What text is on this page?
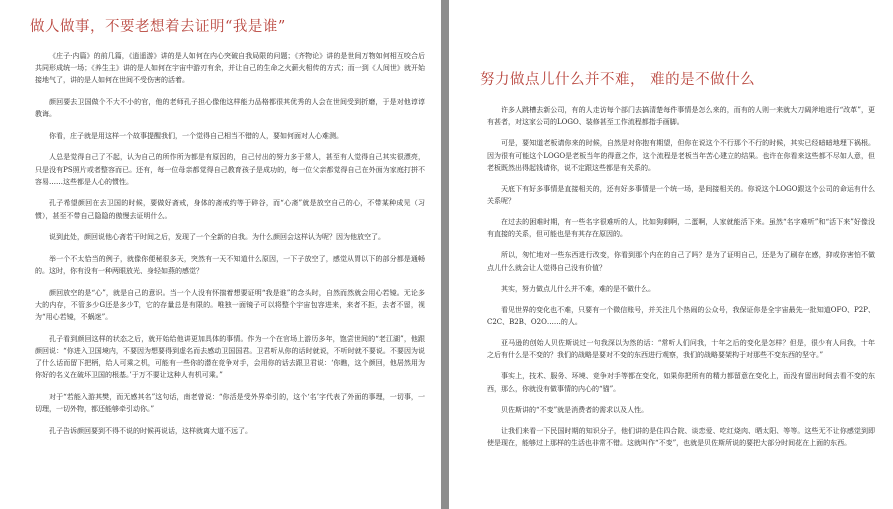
做人做事，不要老想着去证明“我是谁”

《庄子·内篇》的前几篇，《逍遥游》讲的是人如何在内心突破自我局限的问题；《齐物论》讲的是世间万物如何相互咬合后共同形成统一场；《养生主》讲的是人如何在宇宙中游刃有余，并让自己的生命之火薪火相传的方式；而一到《人间世》就开始接地气了，讲的是人如何在世间不受伤害的活着。

颜回要去卫国做个不大不小的官，他的老师孔子担心像他这样能力品格都很其优秀的人会在世间受到折磨，于是对他谆谆教诲。

你看，庄子就是用这样一个故事提醒我们，一个觉得自己相当不错的人，要如何面对人心难测。

人总是觉得自己了不起，认为自己的所作所为都是有原因的，自己付出的努力多于常人，甚至有人觉得自己其实很漂亮，只是没有PS照片或者整容而已。还有，每一位母亲都觉得自己教育孩子是成功的，每一位父亲都觉得自己在外面为家庭打拼不容易……这些都是人心的惯性。

孔子希望颜回在去卫国的时候，要做好斋戒，身体的斋戒约等于碎谷，而“心斋”就是放空自己的心，不带某种成见（习惯），甚至不带自己隐隐的傲慢去证明什么。

说到此处，颜回说他心斋若干时间之后，发现了一个全新的自我。为什么颜回会这样认为呢？因为他放空了。

举一个不太恰当的例子，就像你便秘很多天，突然有一天不知道什么原因，一下子放空了，感觉从胃以下的部分都是通畅的。这时，你有没有一种两眼放光、身轻如燕的感觉？

颜回放空的是“心”，就是自己的意识。当一个人没有怀揣着想要证明“我是谁”的念头时，自然而然就会用心若镜。无论多大的内存，不管多少G还是多少T，它的存量总是有限的。唯独一面镜子可以将整个宇宙包容进来，来者不拒，去者不留，视为“用心若镜，不蜗迷”。

孔子看到颜回这样的状态之后，就开始给他讲更加具体的事情。作为一个在官场上游历多年，饱尝世间的“老江湖”，他跟颜回说：“你进入卫国境内，不要因为想要得到虚名而去感动卫国国君。卫君听从你的话时就说，不听时就不要说。不要因为说了什么话而留下把柄，给人可乘之机，可能有一些你的潜在竞争对手，会用你的话去跟卫君说：‘你瞧，这个颜回，他居然用为你好的名义在破坏卫国的根基。’于万不要让这种人有机可乘。”

对于“若能入游其樊，而无感其名”这句话，南老曾说：“你活是受外界牵引的，这个‘名’字代表了外面的事理，一切事，一切理，一切外物，都还能够牵引动你。”

孔子告诉颜回要到不得不说的时候再说话，这样就离大道不远了。

努力做点儿什么并不难， 难的是不做什么

许多人跳槽去新公司，有的人走访每个部门去搞清楚每件事情是怎么来的，而有的人则一来就大刀阔斧地进行“改革”，更有甚者，对这家公司的LOGO、装修甚至工作流程都指手画脚。

可是，要知道老板请你来的时候，自然是对你抱有期望，但你在说这个不行那个不行的时候，其实已经暗暗地埋下祸根。因为很有可能这个LOGO是老板当年的得意之作，这个流程是老板当年苦心建立的结果。也许在你看来这些都不尽如人意，但老板既然出得起钱请你，说不定跟这些都是有关系的。

天底下有好多事情是直接相关的，还有好多事情是一个统一场，是间接相关的。你说这个LOGO跟这个公司的命运有什么关系呢？

在过去的困难时期，有一些名字很难听的人，比如狗剩啊，二蛋啊，人家就能活下来。虽然“名字难听”和“活下来”好像没有直接的关系，但可能也是有其存在原因的。

所以，匆忙地对一些东西进行改变，你看到那个内在的自己了吗？是为了证明自己，还是为了刷存在感，抑或你害怕不做点儿什么就会让人觉得自己没有价值？

其实，努力做点儿什么并不难，难的是不做什么。

看见世界的变化也不难，只要有一个微信账号，并关注几个热闹的公众号，我保证你是全宇宙最先一批知道OFO、P2P、C2C、B2B、O2O……的人。

亚马逊的创始人贝佐斯说过一句我深以为然的话：“常听人们问我，十年之后的变化是怎样？但是，很少有人问我，十年之后有什么是不变的？我们的战略是要对不变的东西进行观察，我们的战略要架构于对那些不变东西的坚守。”

事实上，技术、服务、环境、竞争对手等都在变化，如果你把所有的精力都留意在变化上，而没有留出时间去看不变的东西，那么，你就没有做事情的内心的“锚”。

贝佐斯讲的“不变”就是消费者的需求以及人性。

让我们来看一下民国时期的知识分子，他们讲的是住四合院、谈恋爱、吃红烧肉、晒太阳、等等。这些无不让你感觉到即使是现在，能够过上那样的生活也非常不错。这就叫作“不变”，也就是贝佐斯所说的要把大部分时间花在上面的东西。
